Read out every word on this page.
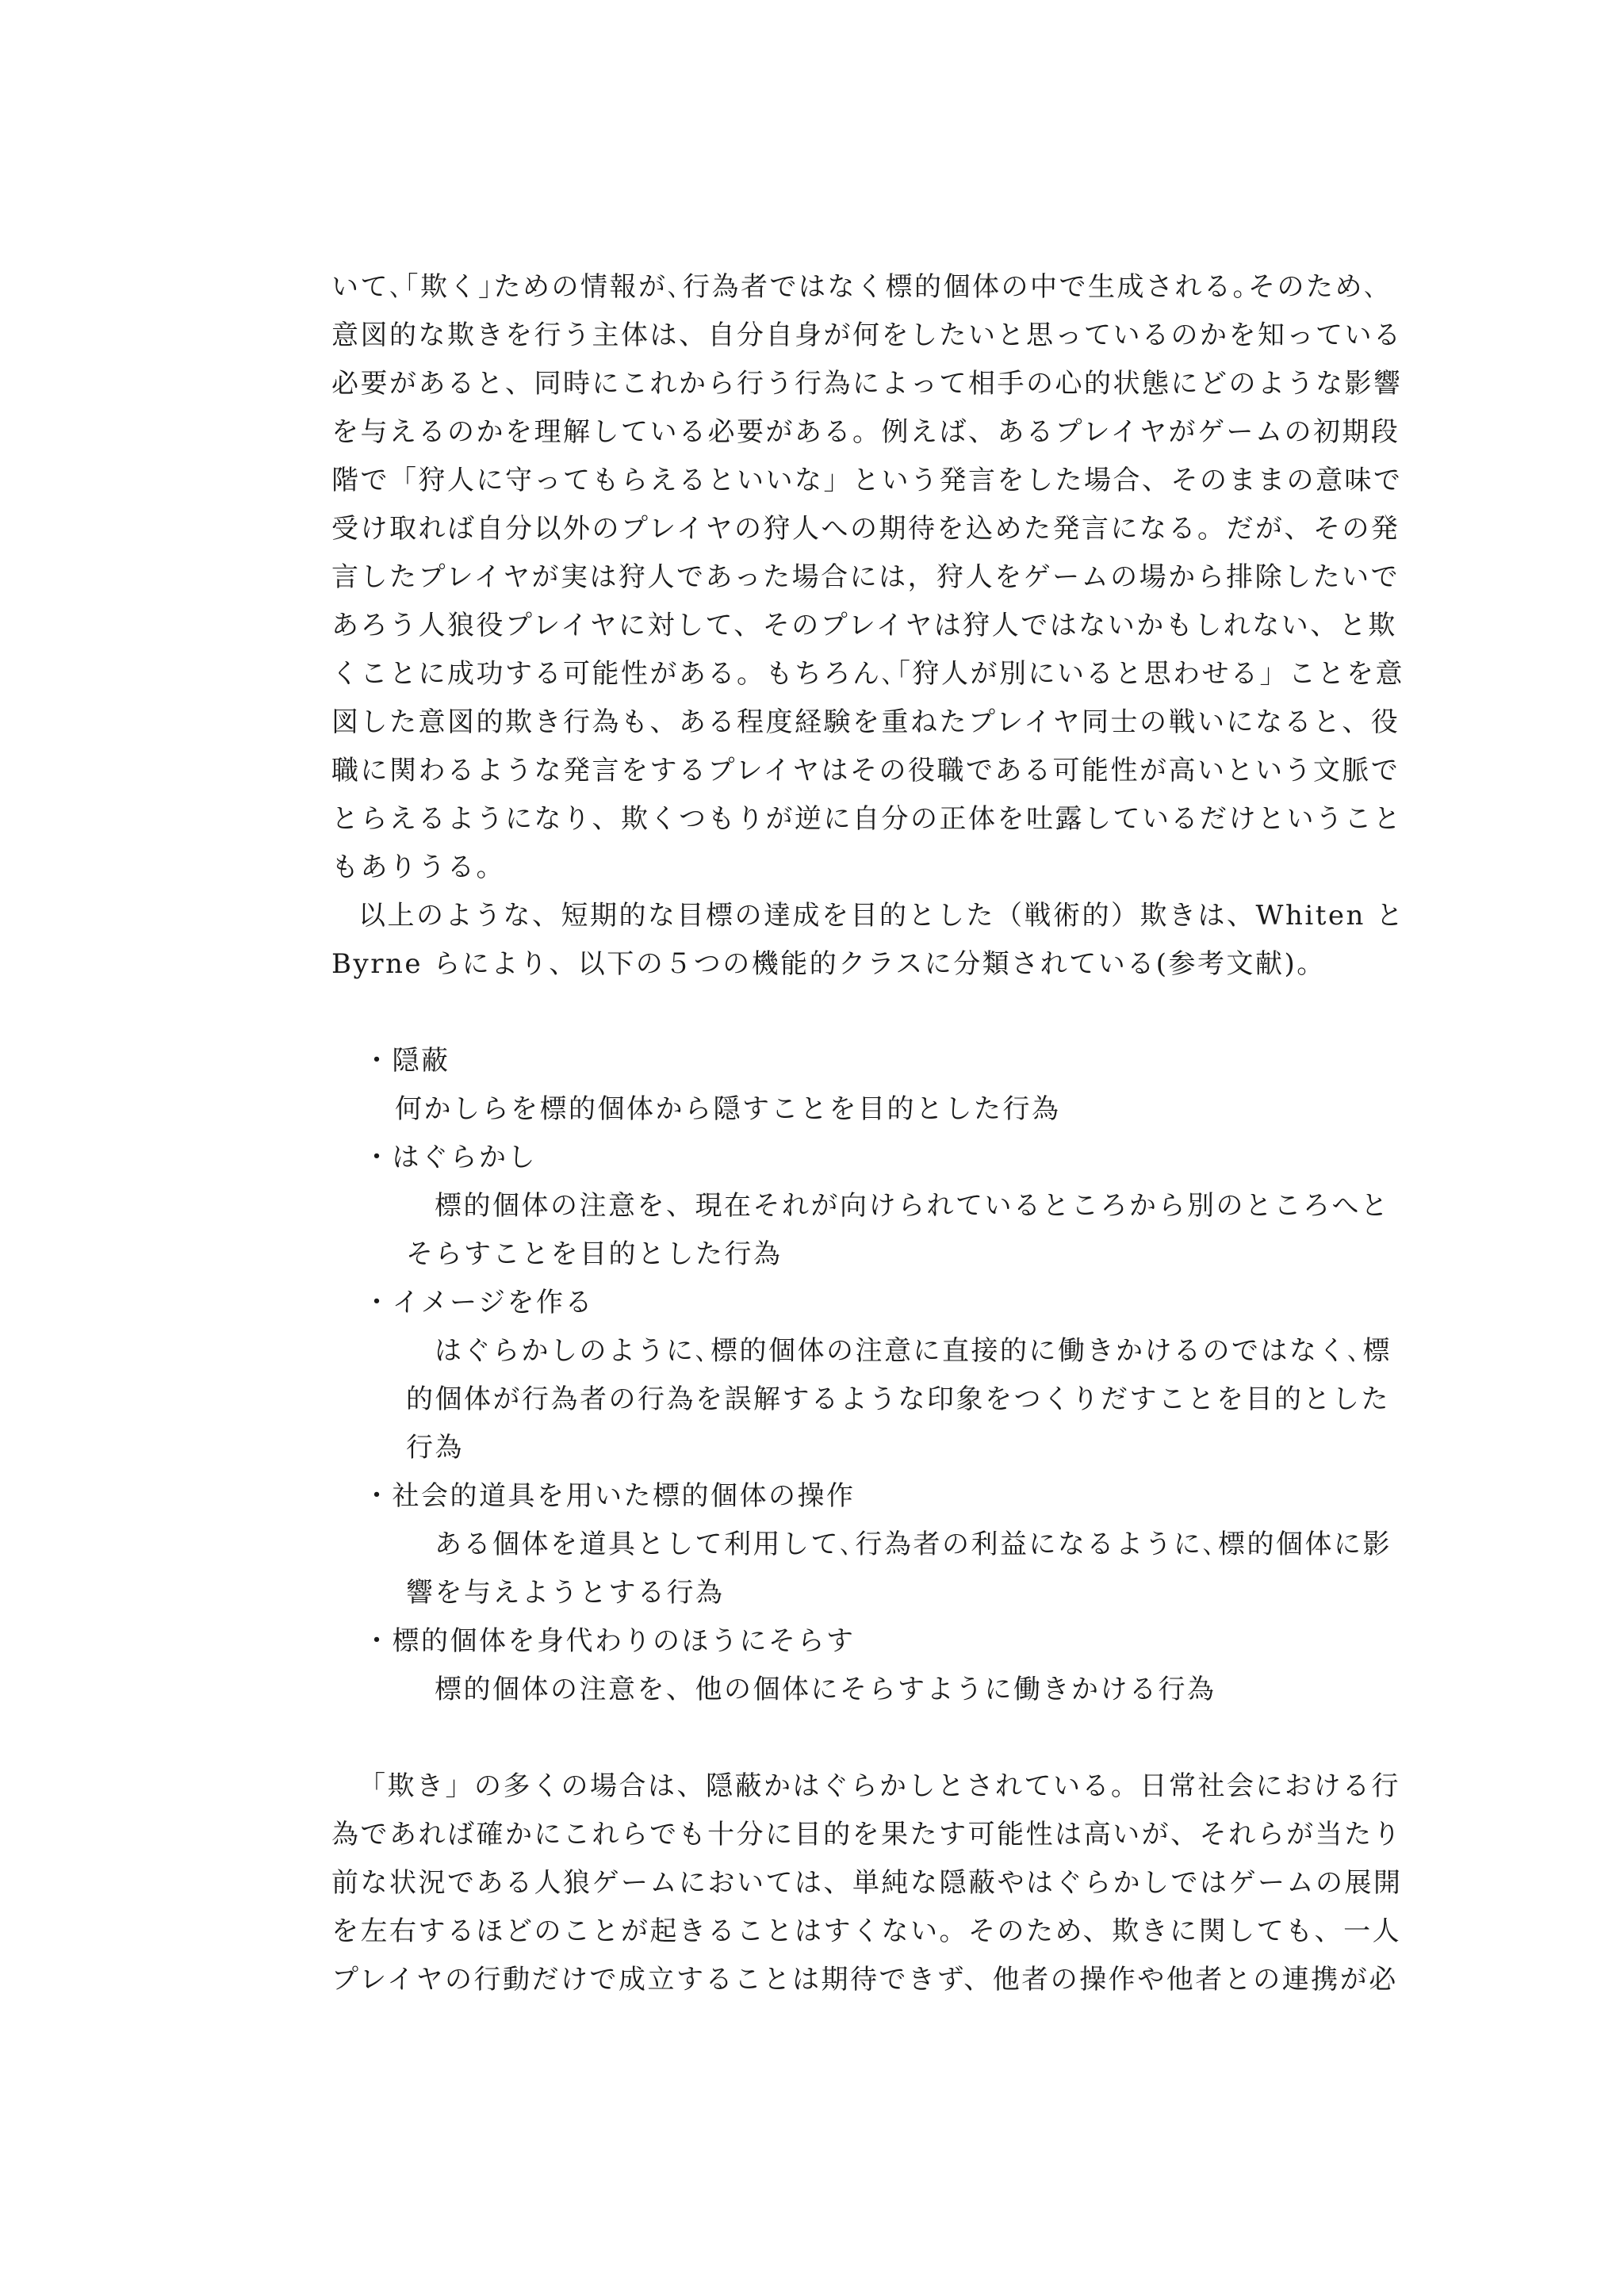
いて､｢欺く｣ための情報が､行為者ではなく標的個体の中で生成される｡そのため､
意図的な欺きを行う主体は、自分自身が何をしたいと思っているのかを知っている
必要があると、同時にこれから行う行為によって相手の心的状態にどのような影響
を与えるのかを理解している必要がある。例えば、あるプレイヤがゲームの初期段
階で「狩人に守ってもらえるといいな」という発言をした場合、そのままの意味で
受け取れば自分以外のプレイヤの狩人への期待を込めた発言になる。だが、その発
言したプレイヤが実は狩人であった場合には，狩人をゲームの場から排除したいで
あろう人狼役プレイヤに対して、そのプレイヤは狩人ではないかもしれない、と欺
くことに成功する可能性がある。もちろん､｢狩人が別にいると思わせる」ことを意
図した意図的欺き行為も、ある程度経験を重ねたプレイヤ同士の戦いになると、役
職に関わるような発言をするプレイヤはその役職である可能性が高いという文脈で
とらえるようになり、欺くつもりが逆に自分の正体を吐露しているだけということ
もありうる。
以上のような、短期的な目標の達成を目的とした（戦術的）欺きは、Whiten と
Byrne らにより、以下の５つの機能的クラスに分類されている(参考文献)。
・隠蔽
何かしらを標的個体から隠すことを目的とした行為
・はぐらかし
標的個体の注意を、現在それが向けられているところから別のところへと
そらすことを目的とした行為
・イメージを作る
はぐらかしのように､標的個体の注意に直接的に働きかけるのではなく､標
的個体が行為者の行為を誤解するような印象をつくりだすことを目的とした
行為
・社会的道具を用いた標的個体の操作
ある個体を道具として利用して､行為者の利益になるように､標的個体に影
響を与えようとする行為
・標的個体を身代わりのほうにそらす
標的個体の注意を、他の個体にそらすように働きかける行為
「欺き」の多くの場合は、隠蔽かはぐらかしとされている。日常社会における行
為であれば確かにこれらでも十分に目的を果たす可能性は高いが、それらが当たり
前な状況である人狼ゲームにおいては、単純な隠蔽やはぐらかしではゲームの展開
を左右するほどのことが起きることはすくない。そのため、欺きに関しても、一人
プレイヤの行動だけで成立することは期待できず、他者の操作や他者との連携が必
